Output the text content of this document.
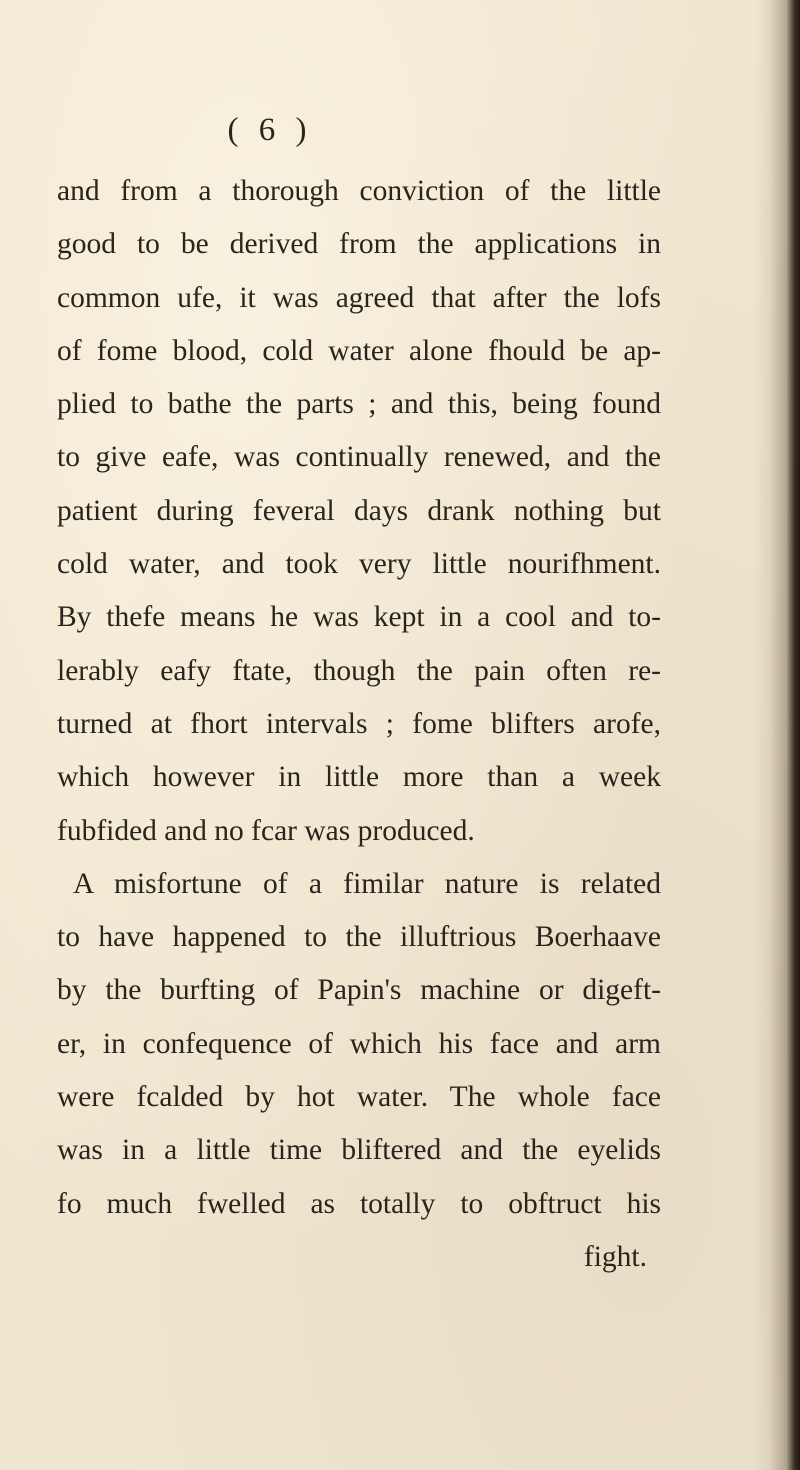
( 6 )
and from a thorough conviction of the little
good to be derived from the applications in
common ufe, it was agreed that after the lofs
of fome blood, cold water alone fhould be ap-
plied to bathe the parts ; and this, being found
to give eafe, was continually renewed, and the
patient during feveral days drank nothing but
cold water, and took very little nourifhment.
By thefe means he was kept in a cool and to-
lerably eafy ftate, though the pain often re-
turned at fhort intervals ; fome blifters arofe,
which however in little more than a week
fubfided and no fcar was produced.
A misfortune of a fimilar nature is related
to have happened to the illuftrious Boerhaave
by the burfting of Papin's machine or digeft-
er, in confequence of which his face and arm
were fcalded by hot water. The whole face
was in a little time bliftered and the eyelids
fo much fwelled as totally to obftruct his
fight.
